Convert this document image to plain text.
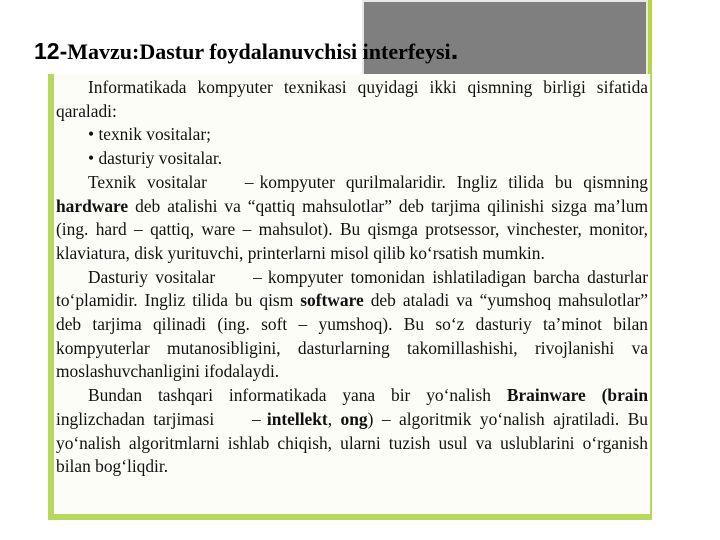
12-Mavzu:Dastur foydalanuvchisi interfeysi.

Informatikada kompyuter texnikasi quyidagi ikki qismning birligi sifatida qaraladi:

• texnik vositalar;

• dasturiy vositalar.

Texnik vositalar – kompyuter qurilmalaridir. Ingliz tilida bu qismning hardware deb atalishi va “qattiq mahsulotlar” deb tarjima qilinishi sizga ma’lum (ing. hard – qattiq, ware – mahsulot). Bu qismga protsessor, vinchester, monitor, klaviatura, disk yurituvchi, printerlarni misol qilib ko‘rsatish mumkin.

Dasturiy vositalar – kompyuter tomonidan ishlatiladigan barcha dasturlar to‘plamidir. Ingliz tilida bu qism software deb ataladi va “yumshoq mahsulotlar” deb tarjima qilinadi (ing. soft – yumshoq). Bu so‘z dasturiy ta’minot bilan kompyuterlar mutanosibligini, dasturlarning takomillashishi, rivojlanishi va moslashuvchanligini ifodalaydi.

Bundan tashqari informatikada yana bir yo‘nalish Brainware (brain inglizchadan tarjimasi – intellekt, ong) – algoritmik yo‘nalish ajratiladi. Bu yo‘nalish algoritmlarni ishlab chiqish, ularni tuzish usul va uslublarini o‘rganish bilan bog‘liqdir.
